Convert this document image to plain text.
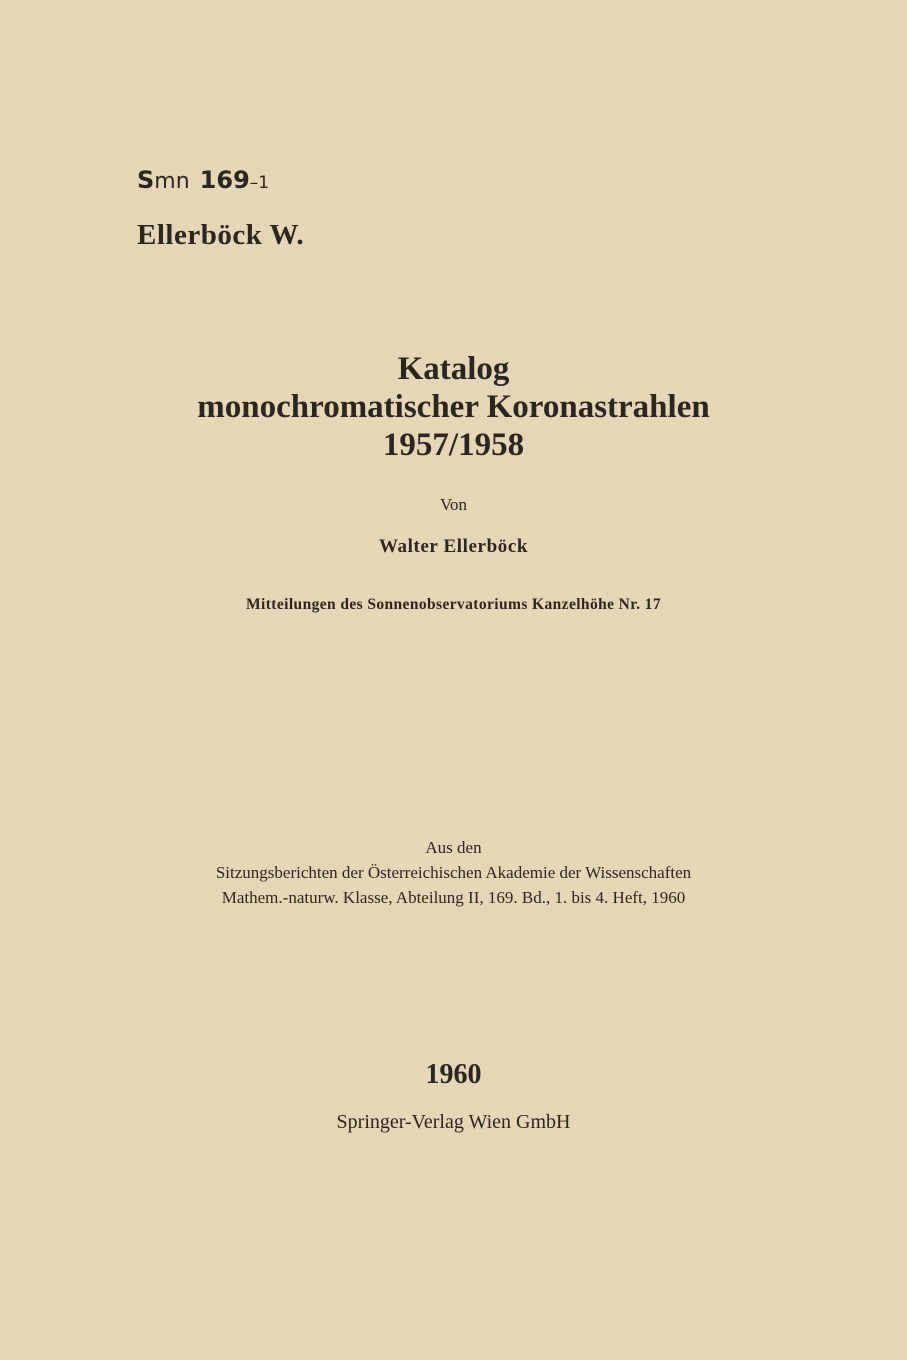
Smn 169–1
Ellerböck W.
Katalog
monochromatischer Koronastrahlen
1957/1958
Von
Walter Ellerböck
Mitteilungen des Sonnenobservatoriums Kanzelhöhe Nr. 17
Aus den
Sitzungsberichten der Österreichischen Akademie der Wissenschaften
Mathem.-naturw. Klasse, Abteilung II, 169. Bd., 1. bis 4. Heft, 1960
1960
Springer-Verlag Wien GmbH
